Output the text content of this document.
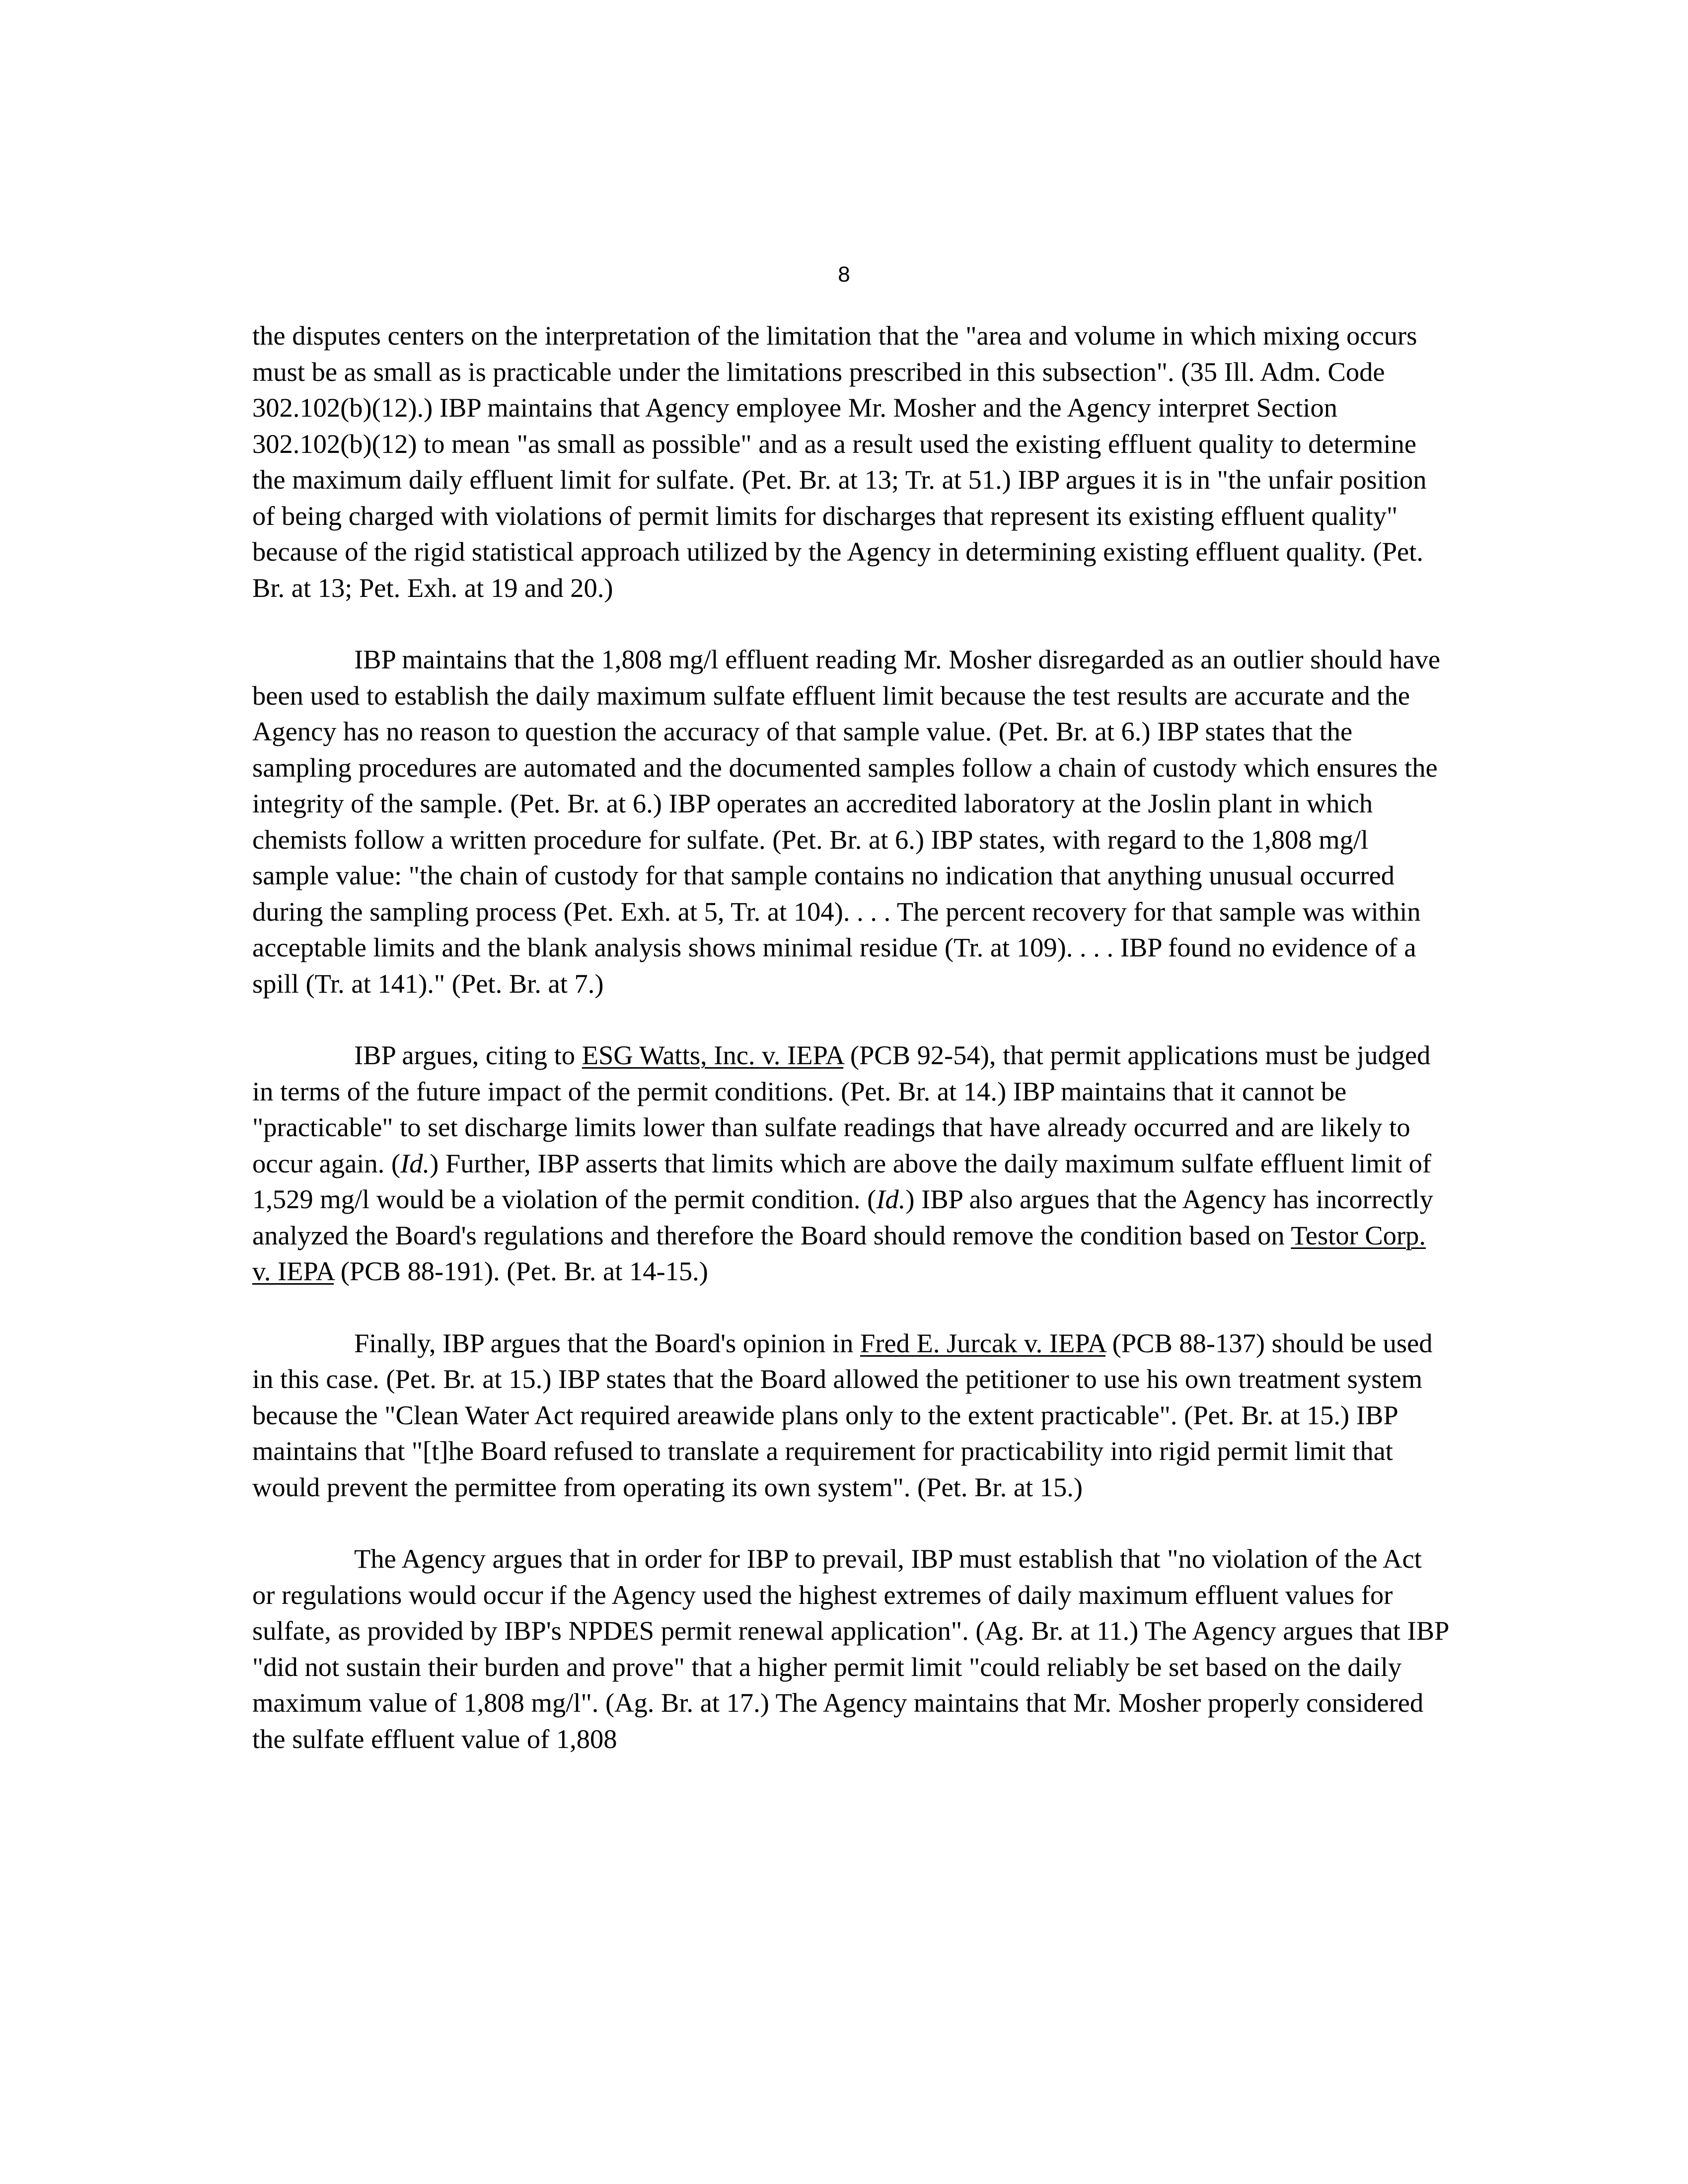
8

the disputes centers on the interpretation of the limitation that the "area and volume in which mixing occurs must be as small as is practicable under the limitations prescribed in this subsection". (35 Ill. Adm. Code 302.102(b)(12).) IBP maintains that Agency employee Mr. Mosher and the Agency interpret Section 302.102(b)(12) to mean "as small as possible" and as a result used the existing effluent quality to determine the maximum daily effluent limit for sulfate. (Pet. Br. at 13; Tr. at 51.) IBP argues it is in "the unfair position of being charged with violations of permit limits for discharges that represent its existing effluent quality" because of the rigid statistical approach utilized by the Agency in determining existing effluent quality. (Pet. Br. at 13; Pet. Exh. at 19 and 20.)

IBP maintains that the 1,808 mg/l effluent reading Mr. Mosher disregarded as an outlier should have been used to establish the daily maximum sulfate effluent limit because the test results are accurate and the Agency has no reason to question the accuracy of that sample value. (Pet. Br. at 6.) IBP states that the sampling procedures are automated and the documented samples follow a chain of custody which ensures the integrity of the sample. (Pet. Br. at 6.) IBP operates an accredited laboratory at the Joslin plant in which chemists follow a written procedure for sulfate. (Pet. Br. at 6.) IBP states, with regard to the 1,808 mg/l sample value: "the chain of custody for that sample contains no indication that anything unusual occurred during the sampling process (Pet. Exh. at 5, Tr. at 104). . . . The percent recovery for that sample was within acceptable limits and the blank analysis shows minimal residue (Tr. at 109). . . . IBP found no evidence of a spill (Tr. at 141)." (Pet. Br. at 7.)

IBP argues, citing to ESG Watts, Inc. v. IEPA (PCB 92-54), that permit applications must be judged in terms of the future impact of the permit conditions. (Pet. Br. at 14.) IBP maintains that it cannot be "practicable" to set discharge limits lower than sulfate readings that have already occurred and are likely to occur again. (Id.) Further, IBP asserts that limits which are above the daily maximum sulfate effluent limit of 1,529 mg/l would be a violation of the permit condition. (Id.) IBP also argues that the Agency has incorrectly analyzed the Board's regulations and therefore the Board should remove the condition based on Testor Corp. v. IEPA (PCB 88-191). (Pet. Br. at 14-15.)

Finally, IBP argues that the Board's opinion in Fred E. Jurcak v. IEPA (PCB 88-137) should be used in this case. (Pet. Br. at 15.) IBP states that the Board allowed the petitioner to use his own treatment system because the "Clean Water Act required areawide plans only to the extent practicable". (Pet. Br. at 15.) IBP maintains that "[t]he Board refused to translate a requirement for practicability into rigid permit limit that would prevent the permittee from operating its own system". (Pet. Br. at 15.)

The Agency argues that in order for IBP to prevail, IBP must establish that "no violation of the Act or regulations would occur if the Agency used the highest extremes of daily maximum effluent values for sulfate, as provided by IBP's NPDES permit renewal application". (Ag. Br. at 11.) The Agency argues that IBP "did not sustain their burden and prove" that a higher permit limit "could reliably be set based on the daily maximum value of 1,808 mg/l". (Ag. Br. at 17.) The Agency maintains that Mr. Mosher properly considered the sulfate effluent value of 1,808
